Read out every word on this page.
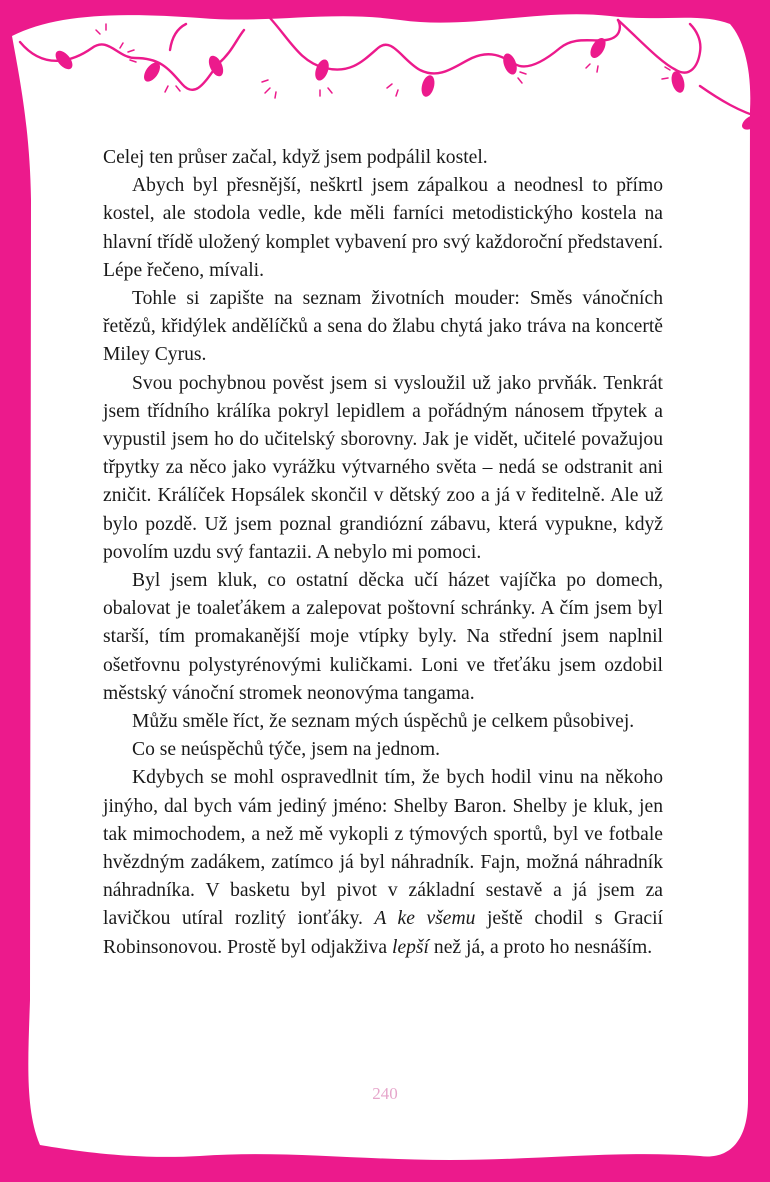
Celej ten průser začal, když jsem podpálil kostel.

Abych byl přesnější, neškrtl jsem zápalkou a neodnesl to přímo kostel, ale stodola vedle, kde měli farníci metodistickýho kostela na hlavní třídě uložený komplet vybavení pro svý každoroční představení. Lépe řečeno, mívali.

Tohle si zapište na seznam životních mouder: Směs vánočních řetězů, křidýlek andělíčků a sena do žlabu chytá jako tráva na koncertě Miley Cyrus.

Svou pochybnou pověst jsem si vysloužil už jako prvňák. Tenkrát jsem třídního králíka pokryl lepidlem a pořádným nánosem třpytek a vypustil jsem ho do učitelský sborovny. Jak je vidět, učitelé považujou třpytky za něco jako vyrážku výtvarného světa – nedá se odstranit ani zničit. Králíček Hopsálek skončil v dětský zoo a já v ředitelně. Ale už bylo pozdě. Už jsem poznal grandiózní zábavu, která vypukne, když povolím uzdu svý fantazii. A nebylo mi pomoci.

Byl jsem kluk, co ostatní děcka učí házet vajíčka po domech, obalovat je toaleťákem a zalepovat poštovní schránky. A čím jsem byl starší, tím promakanější moje vtípky byly. Na střední jsem naplnil ošetřovnu polystyrénovými kuličkami. Loni ve třeťáku jsem ozdobil městský vánoční stromek neonovýma tangama.

Můžu směle říct, že seznam mých úspěchů je celkem působivej.

Co se neúspěchů týče, jsem na jednom.

Kdybych se mohl ospravedlnit tím, že bych hodil vinu na někoho jinýho, dal bych vám jediný jméno: Shelby Baron. Shelby je kluk, jen tak mimochodem, a než mě vykopli z týmových sportů, byl ve fotbale hvězdným zadákem, zatímco já byl náhradník. Fajn, možná náhradník náhradníka. V basketu byl pivot v základní sestavě a já jsem za lavičkou utíral rozlitý ionťáky. A ke všemu ještě chodil s Gracií Robinsonovou. Prostě byl odjakživa lepší než já, a proto ho nesnáším.

240
